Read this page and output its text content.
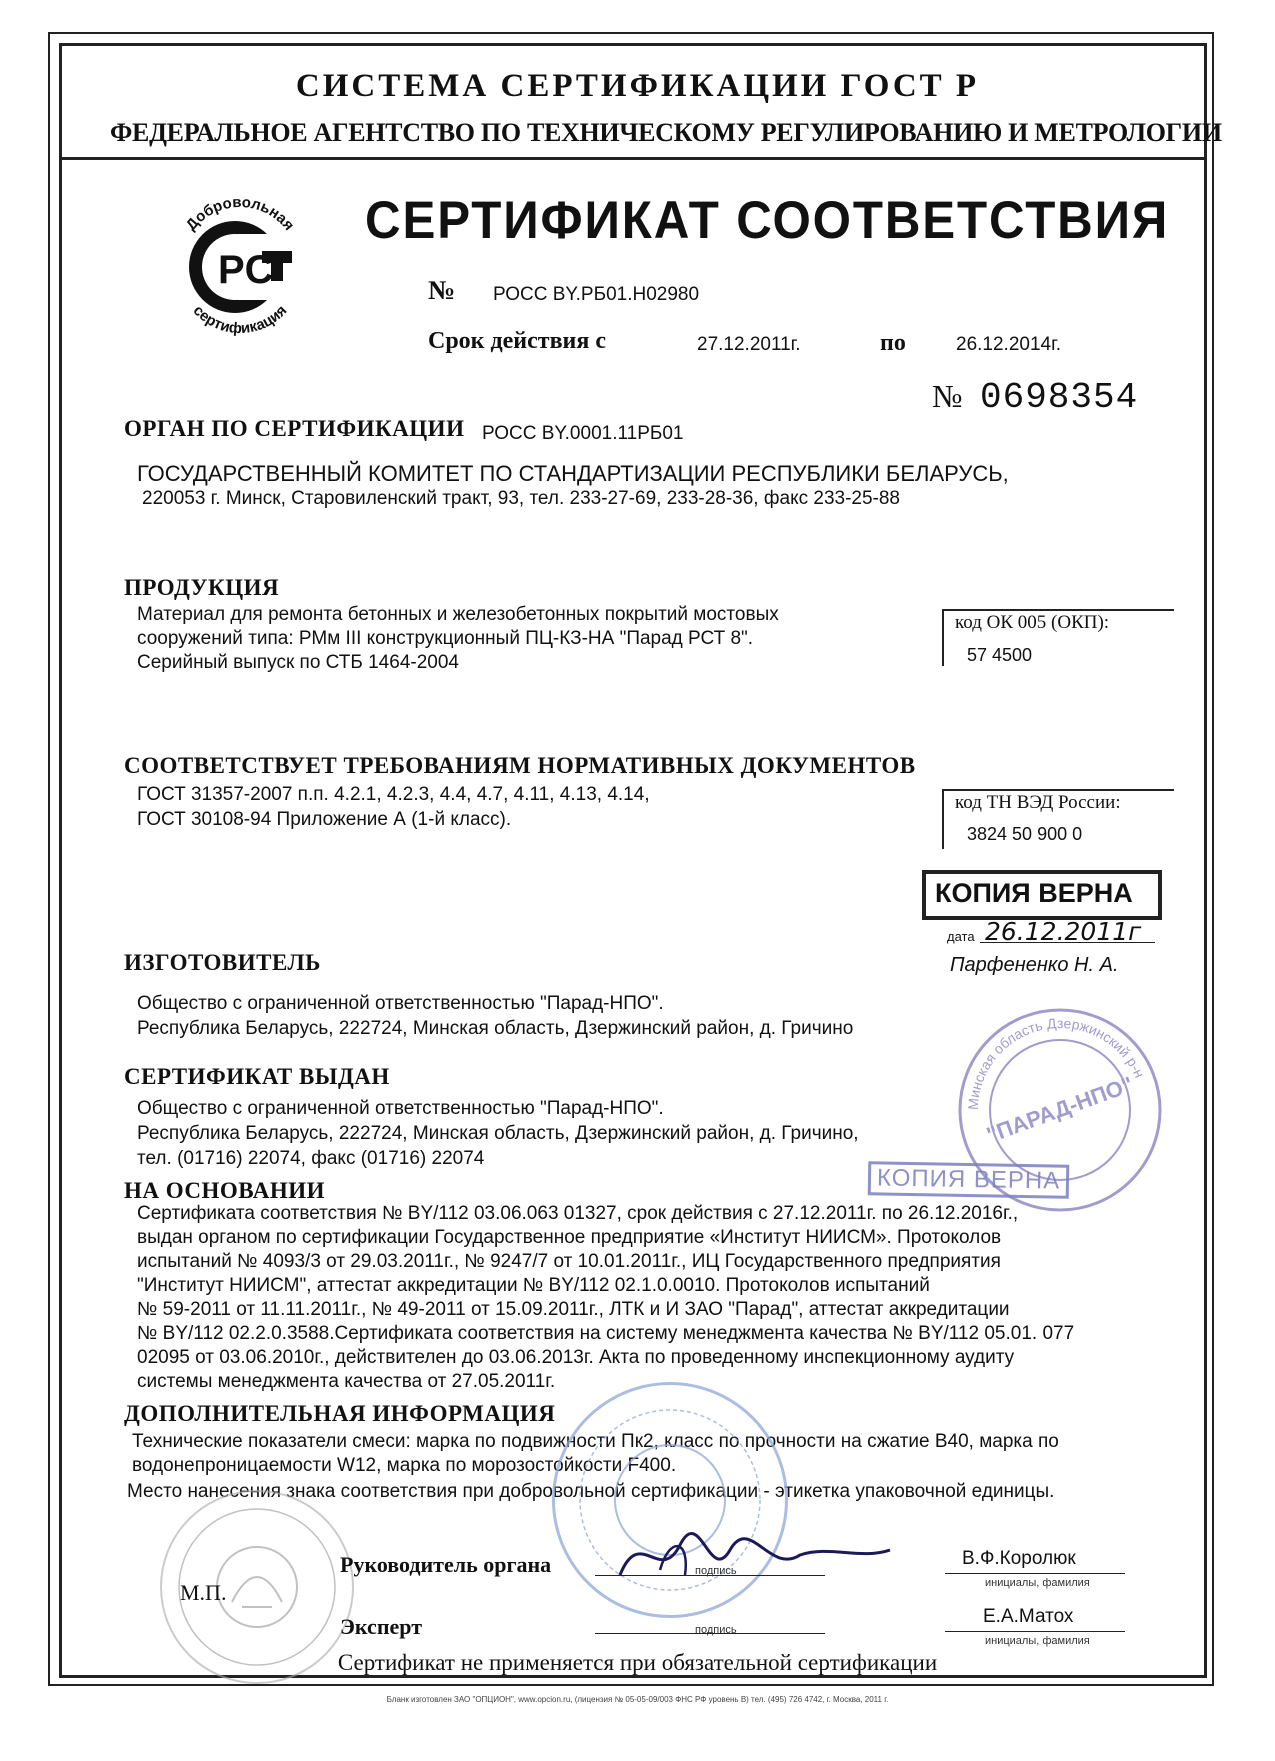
СИСТЕМА СЕРТИФИКАЦИИ ГОСТ Р
ФЕДЕРАЛЬНОЕ АГЕНТСТВО ПО ТЕХНИЧЕСКОМУ РЕГУЛИРОВАНИЮ И МЕТРОЛОГИИ
Добровольная
сертификация
PC
СЕРТИФИКАТ СООТВЕТСТВИЯ
№ РОСС BY.РБ01.Н02980
Срок действия с	27.12.2011г.	по	26.12.2014г.
№ 0698354
ОРГАН ПО СЕРТИФИКАЦИИ РОСС BY.0001.11РБ01
ГОСУДАРСТВЕННЫЙ КОМИТЕТ ПО СТАНДАРТИЗАЦИИ РЕСПУБЛИКИ БЕЛАРУСЬ,
220053 г. Минск, Старовиленский тракт, 93, тел. 233-27-69, 233-28-36, факс 233-25-88
ПРОДУКЦИЯ
Материал для ремонта бетонных и железобетонных покрытий мостовых
сооружений типа: РМм III конструкционный ПЦ-КЗ-НА "Парад РСТ 8".
Серийный выпуск по СТБ 1464-2004
код ОК 005 (ОКП):
57 4500
СООТВЕТСТВУЕТ ТРЕБОВАНИЯМ НОРМАТИВНЫХ ДОКУМЕНТОВ
ГОСТ 31357-2007 п.п. 4.2.1, 4.2.3, 4.4, 4.7, 4.11, 4.13, 4.14,
ГОСТ 30108-94 Приложение А (1-й класс).
код ТН ВЭД России:
3824 50 900 0
КОПИЯ ВЕРНА
дата 26.12.2011г
Парфененко Н. А.
ИЗГОТОВИТЕЛЬ
Общество с ограниченной ответственностью "Парад-НПО".
Республика Беларусь, 222724, Минская область, Дзержинский район, д. Гричино
СЕРТИФИКАТ ВЫДАН
Общество с ограниченной ответственностью "Парад-НПО".
Республика Беларусь, 222724, Минская область, Дзержинский район, д. Гричино,
тел. (01716) 22074, факс (01716) 22074
Минская область Дзержинский р-н
"ПАРАД-НПО"
КОПИЯ ВЕРНА
НА ОСНОВАНИИ
Сертификата соответствия № BY/112 03.06.063 01327, срок действия с 27.12.2011г. по 26.12.2016г.,
выдан органом по сертификации Государственное предприятие «Институт НИИСМ». Протоколов
испытаний № 4093/3 от 29.03.2011г., № 9247/7 от 10.01.2011г., ИЦ Государственного предприятия
"Институт НИИСМ", аттестат аккредитации № BY/112 02.1.0.0010. Протоколов испытаний
№ 59-2011 от 11.11.2011г., № 49-2011 от 15.09.2011г., ЛТК и И ЗАО "Парад", аттестат аккредитации
№ BY/112 02.2.0.3588.Сертификата соответствия на систему менеджмента качества № BY/112 05.01. 077
02095 от 03.06.2010г., действителен до 03.06.2013г. Акта по проведенному инспекционному аудиту
системы менеджмента качества от 27.05.2011г.
ДОПОЛНИТЕЛЬНАЯ ИНФОРМАЦИЯ
Технические показатели смеси: марка по подвижности Пк2, класс по прочности на сжатие В40, марка по
водонепроницаемости W12, марка по морозостойкости F400.
Место нанесения знака соответствия при добровольной сертификации - этикетка упаковочной единицы.
М.П.
Руководитель органа	подпись
В.Ф.Королюк
инициалы, фамилия
Эксперт	подпись
Е.А.Матох
инициалы, фамилия
Сертификат не применяется при обязательной сертификации
Бланк изготовлен ЗАО "ОПЦИОН", www.opcion.ru, (лицензия № 05-05-09/003 ФНС РФ уровень В) тел. (495) 726 4742, г. Москва, 2011 г.
